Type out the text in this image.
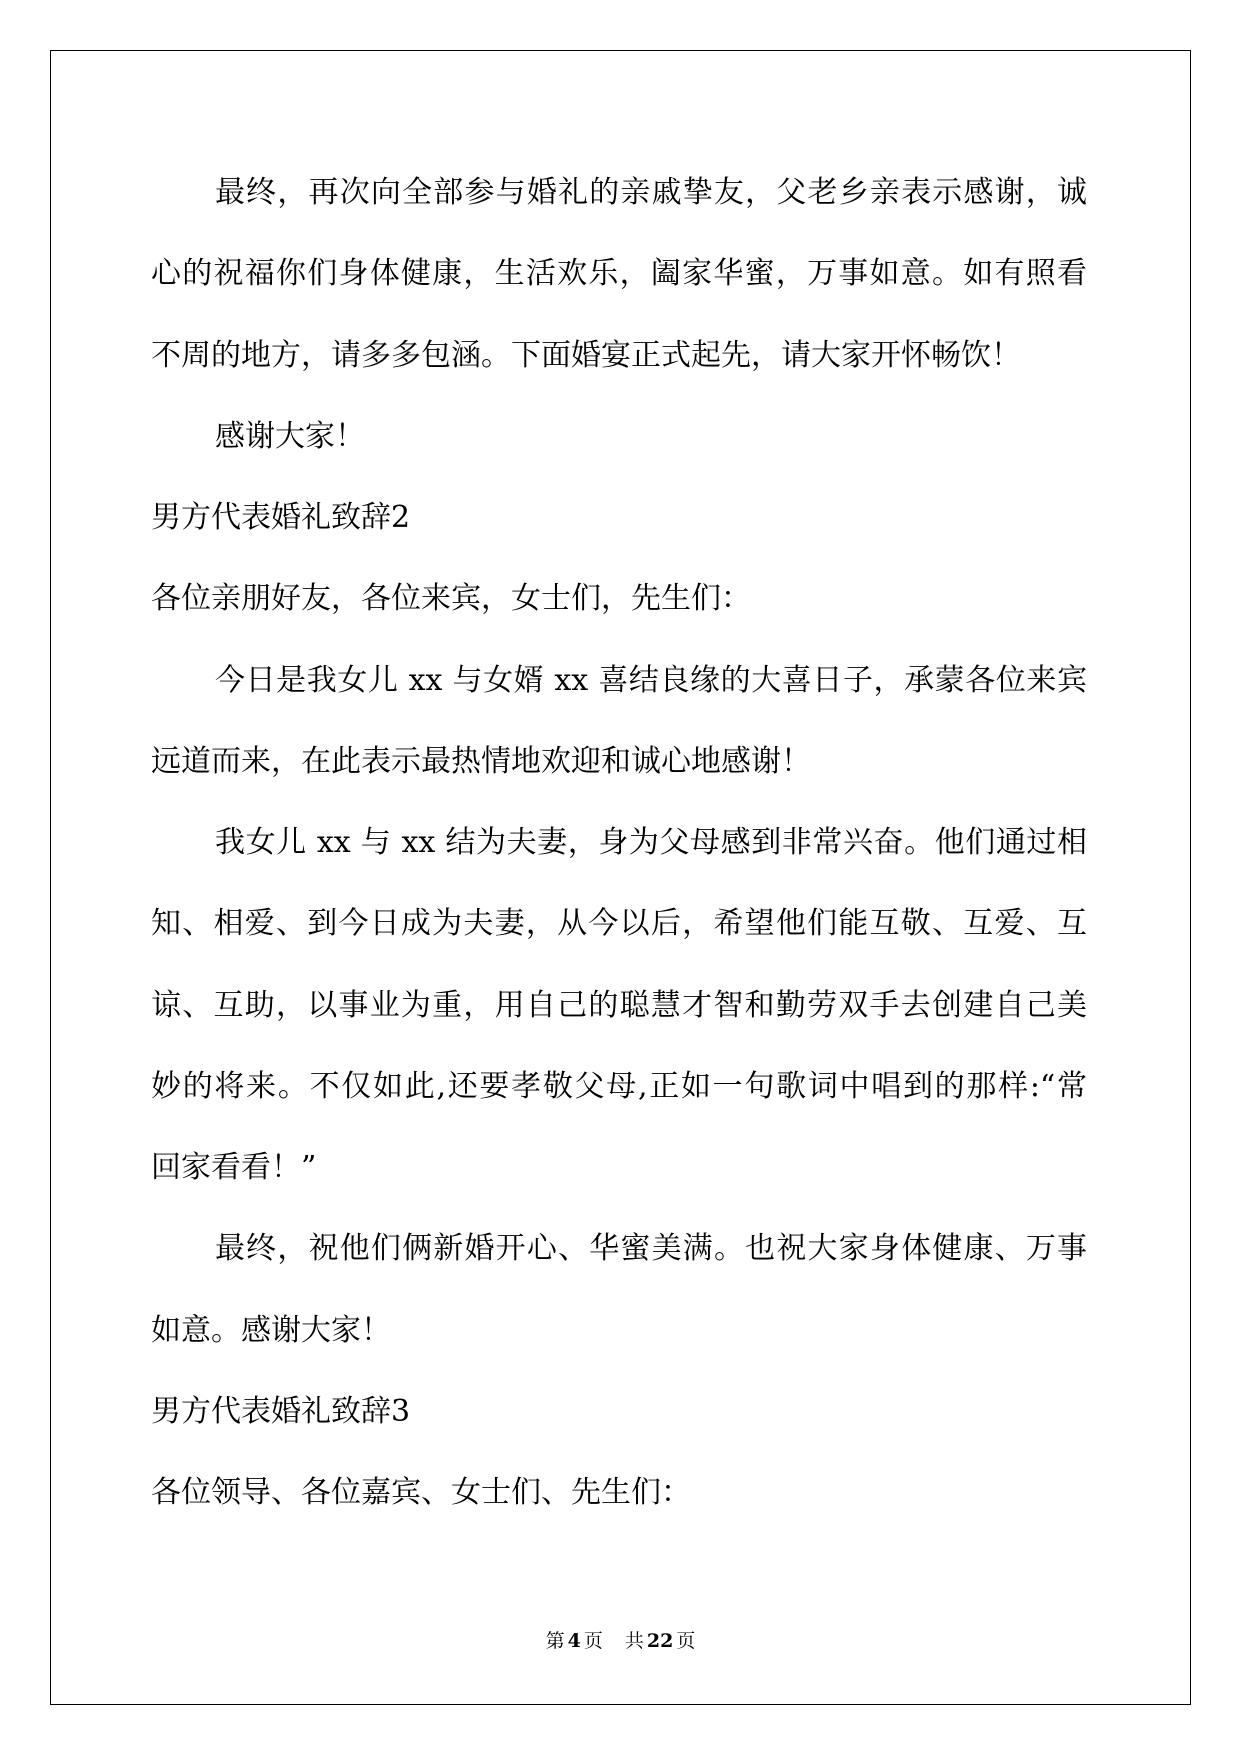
最终，再次向全部参与婚礼的亲戚挚友，父老乡亲表示感谢，诚
心的祝福你们身体健康，生活欢乐，阖家华蜜，万事如意。如有照看
不周的地方，请多多包涵。下面婚宴正式起先，请大家开怀畅饮！
感谢大家！
男方代表婚礼致辞2
各位亲朋好友，各位来宾，女士们，先生们：
今日是我女儿 xx 与女婿 xx 喜结良缘的大喜日子，承蒙各位来宾
远道而来，在此表示最热情地欢迎和诚心地感谢！
我女儿 xx 与 xx 结为夫妻，身为父母感到非常兴奋。他们通过相
知、相爱、到今日成为夫妻，从今以后，希望他们能互敬、互爱、互
谅、互助，以事业为重，用自己的聪慧才智和勤劳双手去创建自己美
妙的将来。不仅如此,还要孝敬父母,正如一句歌词中唱到的那样:“常
回家看看！”
最终，祝他们俩新婚开心、华蜜美满。也祝大家身体健康、万事
如意。感谢大家！
男方代表婚礼致辞3
各位领导、各位嘉宾、女士们、先生们：
第 4 页 共 22 页
